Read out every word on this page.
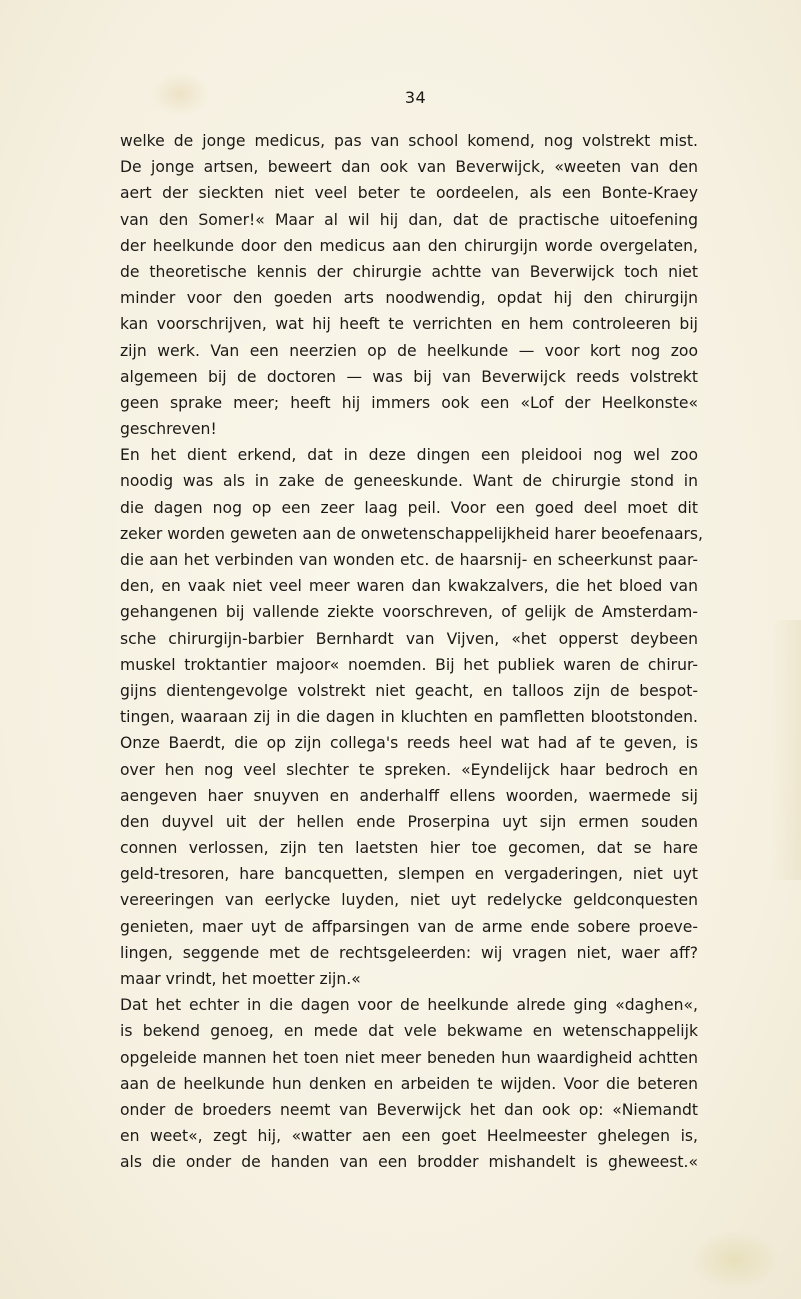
34
welke de jonge medicus, pas van school komend, nog volstrekt mist.
De jonge artsen, beweert dan ook van Beverwijck, «weeten van den
aert der sieckten niet veel beter te oordeelen, als een Bonte-Kraey
van den Somer!« Maar al wil hij dan, dat de practische uitoefening
der heelkunde door den medicus aan den chirurgijn worde overgelaten,
de theoretische kennis der chirurgie achtte van Beverwijck toch niet
minder voor den goeden arts noodwendig, opdat hij den chirurgijn
kan voorschrijven, wat hij heeft te verrichten en hem controleeren bij
zijn werk. Van een neerzien op de heelkunde — voor kort nog zoo
algemeen bij de doctoren — was bij van Beverwijck reeds volstrekt
geen sprake meer; heeft hij immers ook een «Lof der Heelkonste«
geschreven!
En het dient erkend, dat in deze dingen een pleidooi nog wel zoo
noodig was als in zake de geneeskunde. Want de chirurgie stond in
die dagen nog op een zeer laag peil. Voor een goed deel moet dit
zeker worden geweten aan de onwetenschappelijkheid harer beoefenaars,
die aan het verbinden van wonden etc. de haarsnij- en scheerkunst paar-
den, en vaak niet veel meer waren dan kwakzalvers, die het bloed van
gehangenen bij vallende ziekte voorschreven, of gelijk de Amsterdam-
sche chirurgijn-barbier Bernhardt van Vijven, «het opperst deybeen
muskel troktantier majoor« noemden. Bij het publiek waren de chirur-
gijns dientengevolge volstrekt niet geacht, en talloos zijn de bespot-
tingen, waaraan zij in die dagen in kluchten en pamfletten blootstonden.
Onze Baerdt, die op zijn collega's reeds heel wat had af te geven, is
over hen nog veel slechter te spreken. «Eyndelijck haar bedroch en
aengeven haer snuyven en anderhalff ellens woorden, waermede sij
den duyvel uit der hellen ende Proserpina uyt sijn ermen souden
connen verlossen, zijn ten laetsten hier toe gecomen, dat se hare
geld-tresoren, hare bancquetten, slempen en vergaderingen, niet uyt
vereeringen van eerlycke luyden, niet uyt redelycke geldconquesten
genieten, maer uyt de affparsingen van de arme ende sobere proeve-
lingen, seggende met de rechtsgeleerden: wij vragen niet, waer aff?
maar vrindt, het moetter zijn.«
Dat het echter in die dagen voor de heelkunde alrede ging «daghen«,
is bekend genoeg, en mede dat vele bekwame en wetenschappelijk
opgeleide mannen het toen niet meer beneden hun waardigheid achtten
aan de heelkunde hun denken en arbeiden te wijden. Voor die beteren
onder de broeders neemt van Beverwijck het dan ook op: «Niemandt
en weet«, zegt hij, «watter aen een goet Heelmeester ghelegen is,
als die onder de handen van een brodder mishandelt is gheweest.«
